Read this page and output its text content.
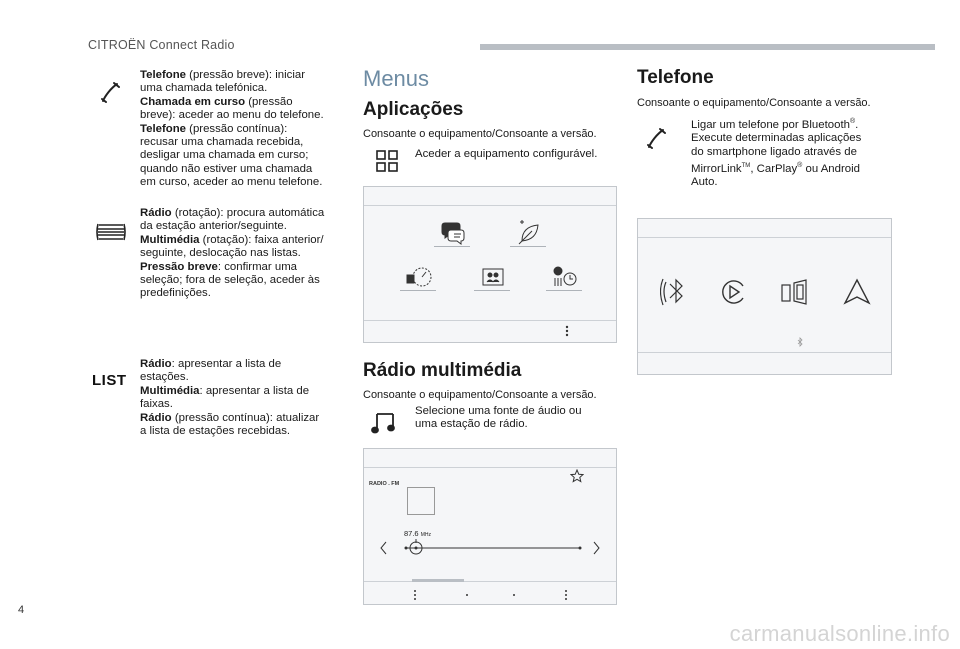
CITROËN Connect Radio
Telefone (pressão breve): iniciar
uma chamada telefónica.
Chamada em curso (pressão
breve): aceder ao menu do telefone.
Telefone (pressão contínua):
recusar uma chamada recebida,
desligar uma chamada em curso;
quando não estiver uma chamada
em curso, aceder ao menu telefone.
Rádio (rotação): procura automática
da estação anterior/seguinte.
Multimédia (rotação): faixa anterior/
seguinte, deslocação nas listas.
Pressão breve: confirmar uma
seleção; fora de seleção, aceder às
predefinições.
LIST
Rádio: apresentar a lista de
estações.
Multimédia: apresentar a lista de
faixas.
Rádio (pressão contínua): atualizar
a lista de estações recebidas.
Menus
Aplicações
Consoante o equipamento/Consoante a versão.
Aceder a equipamento configurável.
Rádio multimédia
Consoante o equipamento/Consoante a versão.
Selecione uma fonte de áudio ou
uma estação de rádio.
RADIO . FM
87.6 MHz
Telefone
Consoante o equipamento/Consoante a versão.
Ligar um telefone por Bluetooth®.
Execute determinadas aplicações
do smartphone ligado através de
MirrorLink™, CarPlay® ou Android
Auto.
4
carmanualsonline.info
